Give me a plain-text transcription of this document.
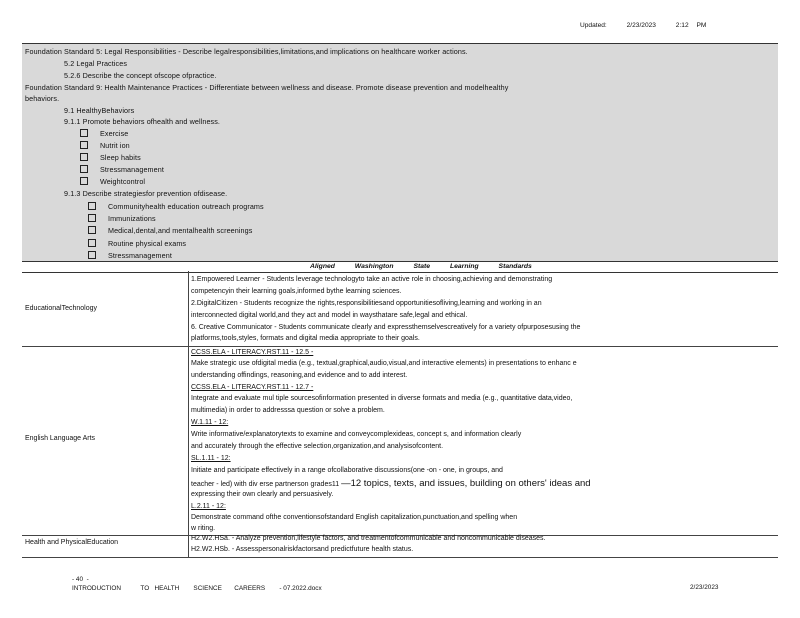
Updated:	2/23/2023	2:12 PM
Foundation Standard 5: Legal Responsibilities - Describe legalresponsibilities,limitations,and implications on healthcare worker actions.
5.2 Legal Practices
5.2.6 Describe the concept ofscope ofpractice.
Foundation Standard 9: Health Maintenance Practices - Differentiate between wellness and disease. Promote disease prevention and modelhealthy
behaviors.
9.1 HealthyBehaviors
9.1.1 Promote behaviors ofhealth and wellness.
Exercise
Nutrit ion
Sleep habits
Stressmanagement
Weightcontrol
9.1.3 Describe strategiesfor prevention ofdisease.
Communityhealth education outreach programs
Immunizations
Medical,dental,and mentalhealth screenings
Routine physical exams
Stressmanagement
Aligned Washington State Learning Standards
EducationalTechnology
1.Empowered Learner - Students leverage technologyto take an active role in choosing,achieving and demonstrating
competencyin their learning goals,informed bythe learning sciences.
2.DigitalCitizen - Students recognize the rights,responsibilitiesand opportunitiesofliving,learning and working in an
interconnected digital world,and they act and model in waysthatare safe,legal and ethical.
6. Creative Communicator - Students communicate clearly and expressthemselvescreatively for a variety ofpurposesusing the
platforms,tools,styles, formats and digital media appropriate to their goals.
English Language Arts
CCSS.ELA - LITERACY.RST.11 - 12.5 -
Make strategic use ofdigital media (e.g., textual,graphical,audio,visual,and interactive elements) in presentations to enhanc e
understanding offindings, reasoning,and evidence and to add interest.
CCSS.ELA - LITERACY.RST.11 - 12.7 -
Integrate and evaluate mul tiple sourcesofinformation presented in diverse formats and media (e.g., quantitative data,video,
multimedia) in order to addresssa question or solve a problem.
W.1.11 - 12:
Write informative/explanatorytexts to examine and conveycomplexideas, concept s, and information clearly
and accurately through the effective selection,organization,and analysisofcontent.
SL.1.11 - 12:
Initiate and participate effectively in a range ofcollaborative discussions(one -on - one, in groups, and
teacher - led) with div erse partnerson grades11 —12 topics, texts, and issues, building on others' ideas and
expressing their own clearly and persuasively.
L.2.11 - 12:
Demonstrate command ofthe conventionsofstandard English capitalization,punctuation,and spelling when
w riting.
Health and PhysicalEducation
H2.W2.HSa. - Analyze prevention,lifestyle factors, and treatmentofcommunicable and noncommunicable diseases.
H2.W2.HSb. - Assesspersonalriskfactorsand predictfuture health status.
- 40  -
INTRODUCTION           TO   HEALTH        SCIENCE       CAREERS        - 07.2022.docx	2/23/2023
